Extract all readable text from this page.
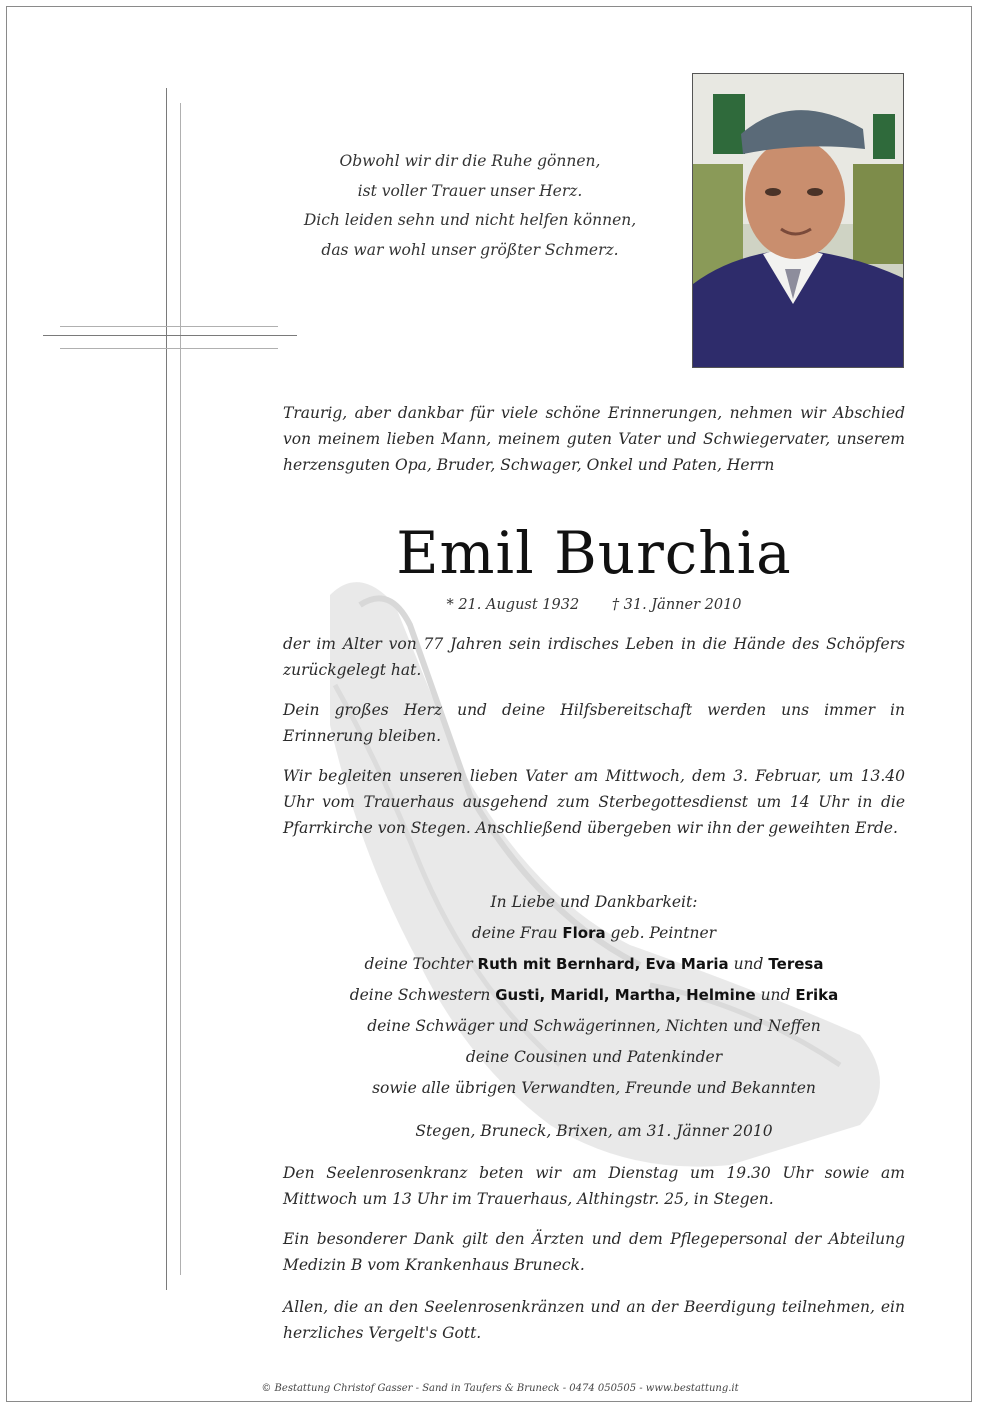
Obwohl wir dir die Ruhe gönnen,
ist voller Trauer unser Herz.
Dich leiden sehn und nicht helfen können,
das war wohl unser größter Schmerz.
Traurig, aber dankbar für viele schöne Erinnerungen, nehmen wir Abschied von meinem lieben Mann, meinem guten Vater und Schwiegervater, unserem herzensguten Opa, Bruder, Schwager, Onkel und Paten, Herrn
Emil Burchia
* 21. August 1932 † 31. Jänner 2010
der im Alter von 77 Jahren sein irdisches Leben in die Hände des Schöpfers zurückgelegt hat.
Dein großes Herz und deine Hilfsbereitschaft werden uns immer in Erinnerung bleiben.
Wir begleiten unseren lieben Vater am Mittwoch, dem 3. Februar, um 13.40 Uhr vom Trauerhaus ausgehend zum Sterbegottesdienst um 14 Uhr in die Pfarrkirche von Stegen. Anschließend übergeben wir ihn der geweihten Erde.
In Liebe und Dankbarkeit:
deine Frau Flora geb. Peintner
deine Tochter Ruth mit Bernhard, Eva Maria und Teresa
deine Schwestern Gusti, Maridl, Martha, Helmine und Erika
deine Schwäger und Schwägerinnen, Nichten und Neffen
deine Cousinen und Patenkinder
sowie alle übrigen Verwandten, Freunde und Bekannten
Stegen, Bruneck, Brixen, am 31. Jänner 2010
Den Seelenrosenkranz beten wir am Dienstag um 19.30 Uhr sowie am Mittwoch um 13 Uhr im Trauerhaus, Althingstr. 25, in Stegen.
Ein besonderer Dank gilt den Ärzten und dem Pflegepersonal der Abteilung Medizin B vom Krankenhaus Bruneck.
Allen, die an den Seelenrosenkränzen und an der Beerdigung teilnehmen, ein herzliches Vergelt's Gott.
© Bestattung Christof Gasser - Sand in Taufers & Bruneck - 0474 050505 - www.bestattung.it
